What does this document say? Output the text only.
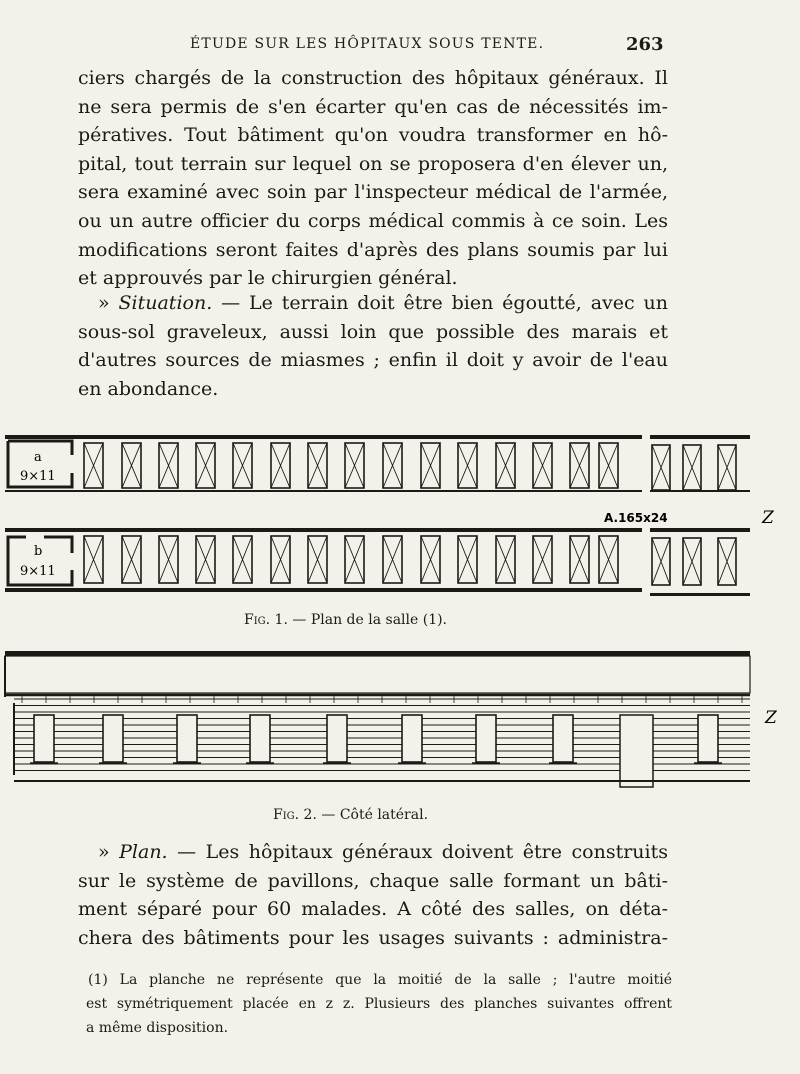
ÉTUDE SUR LES HÔPITAUX SOUS TENTE.	263

ciers chargés de la construction des hôpitaux généraux. Il
ne sera permis de s'en écarter qu'en cas de nécessités im-
pératives. Tout bâtiment qu'on voudra transformer en hô-
pital, tout terrain sur lequel on se proposera d'en élever un,
sera examiné avec soin par l'inspecteur médical de l'armée,
ou un autre officier du corps médical commis à ce soin. Les
modifications seront faites d'après des plans soumis par lui
et approuvés par le chirurgien général.

» Situation. — Le terrain doit être bien égoutté, avec un
sous-sol graveleux, aussi loin que possible des marais et
d'autres sources de miasmes ; enfin il doit y avoir de l'eau
en abondance.

a
9×11
A.165x24	Z
b
9×11
Fig. 1. — Plan de la salle (1).
Z
Fig. 2. — Côté latéral.

» Plan. — Les hôpitaux généraux doivent être construits
sur le système de pavillons, chaque salle formant un bâti-
ment séparé pour 60 malades. A côté des salles, on déta-
chera des bâtiments pour les usages suivants : administra-

(1) La planche ne représente que la moitié de la salle ; l'autre moitié
est symétriquement placée en z z. Plusieurs des planches suivantes offrent
a même disposition.
